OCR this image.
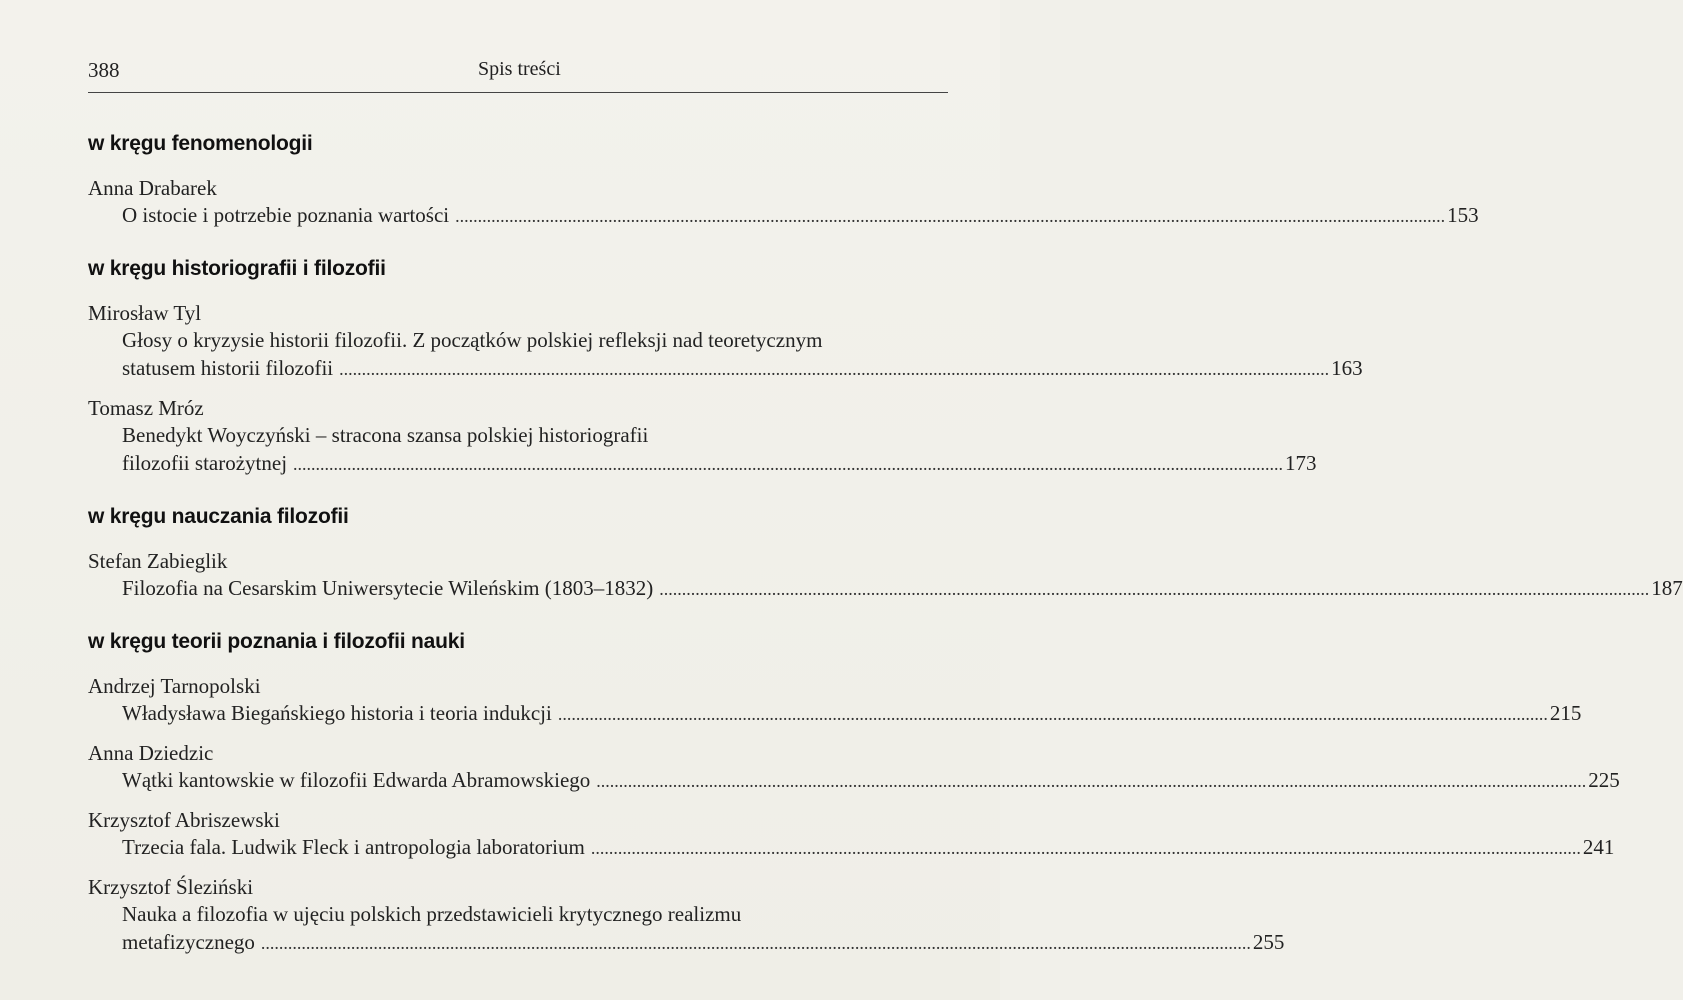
388	Spis treści
w kręgu fenomenologii
Anna Drabarek
O istocie i potrzebie poznania wartości ............................................................................................................................................................................................................................ 153
w kręgu historiografii i filozofii
Mirosław Tyl
Głosy o kryzysie historii filozofii. Z początków polskiej refleksji nad teoretycznym
statusem historii filozofii ............................................................................................................................................................................................................................ 163
Tomasz Mróz
Benedykt Woyczyński – stracona szansa polskiej historiografii
filozofii starożytnej ............................................................................................................................................................................................................................ 173
w kręgu nauczania filozofii
Stefan Zabieglik
Filozofia na Cesarskim Uniwersytecie Wileńskim (1803–1832) ............................................................................................................................................................................................................................ 187
w kręgu teorii poznania i filozofii nauki
Andrzej Tarnopolski
Władysława Biegańskiego historia i teoria indukcji ............................................................................................................................................................................................................................ 215
Anna Dziedzic
Wątki kantowskie w filozofii Edwarda Abramowskiego ............................................................................................................................................................................................................................ 225
Krzysztof Abriszewski
Trzecia fala. Ludwik Fleck i antropologia laboratorium ............................................................................................................................................................................................................................ 241
Krzysztof Śleziński
Nauka a filozofia w ujęciu polskich przedstawicieli krytycznego realizmu
metafizycznego ............................................................................................................................................................................................................................ 255
